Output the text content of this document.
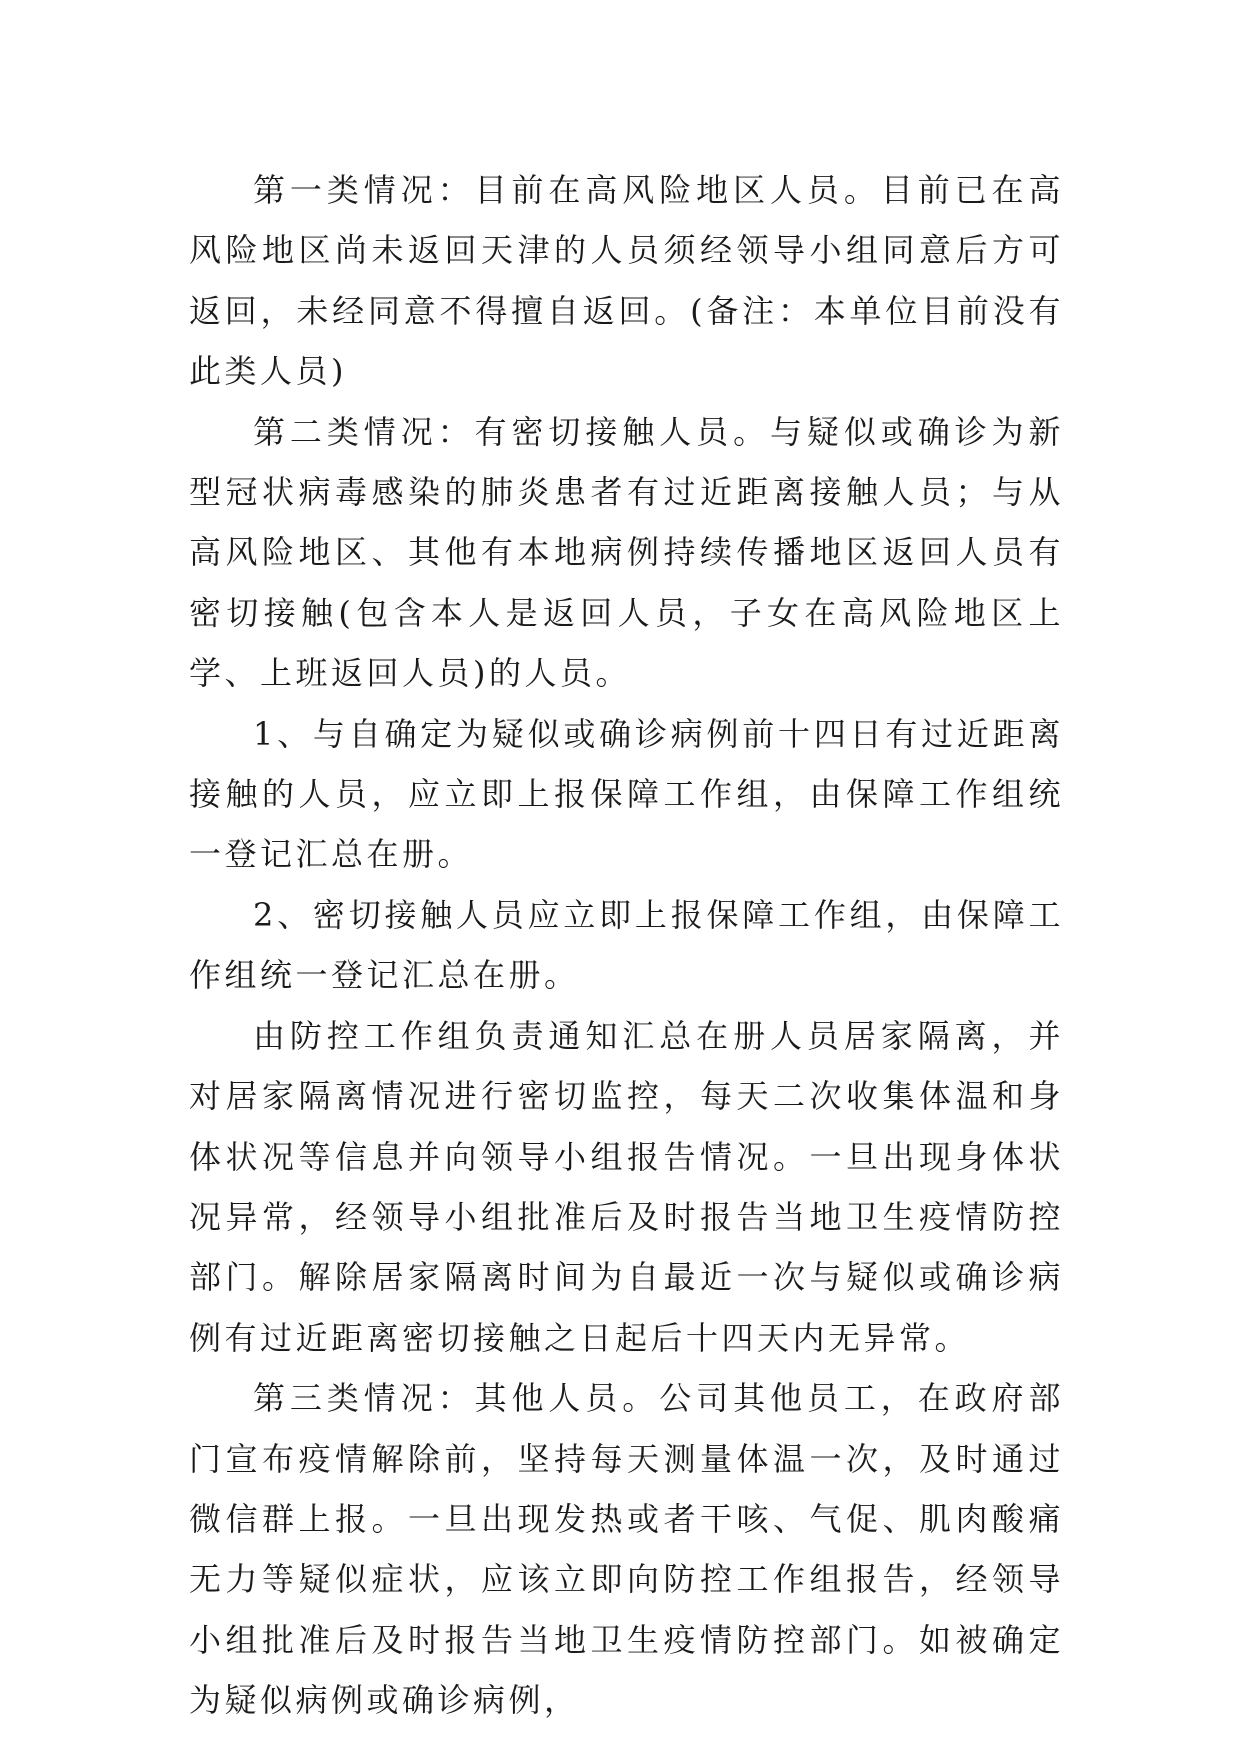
第一类情况：目前在高风险地区人员。目前已在高风险地区尚未返回天津的人员须经领导小组同意后方可返回，未经同意不得擅自返回。(备注：本单位目前没有此类人员)

第二类情况：有密切接触人员。与疑似或确诊为新型冠状病毒感染的肺炎患者有过近距离接触人员；与从高风险地区、其他有本地病例持续传播地区返回人员有密切接触(包含本人是返回人员，子女在高风险地区上学、上班返回人员)的人员。

1、与自确定为疑似或确诊病例前十四日有过近距离接触的人员，应立即上报保障工作组，由保障工作组统一登记汇总在册。

2、密切接触人员应立即上报保障工作组，由保障工作组统一登记汇总在册。

由防控工作组负责通知汇总在册人员居家隔离，并对居家隔离情况进行密切监控，每天二次收集体温和身体状况等信息并向领导小组报告情况。一旦出现身体状况异常，经领导小组批准后及时报告当地卫生疫情防控部门。解除居家隔离时间为自最近一次与疑似或确诊病例有过近距离密切接触之日起后十四天内无异常。

第三类情况：其他人员。公司其他员工，在政府部门宣布疫情解除前，坚持每天测量体温一次，及时通过微信群上报。一旦出现发热或者干咳、气促、肌肉酸痛无力等疑似症状，应该立即向防控工作组报告，经领导小组批准后及时报告当地卫生疫情防控部门。如被确定为疑似病例或确诊病例，
